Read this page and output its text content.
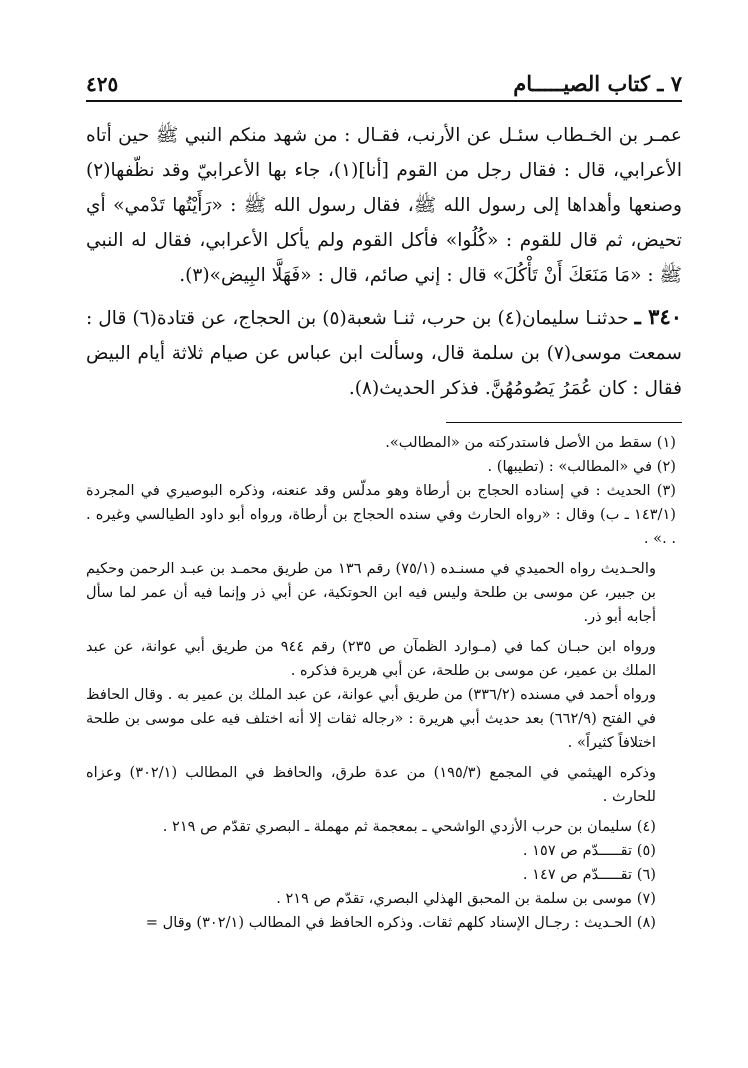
٧ ـ كتاب الصيـــــام
٤٢٥

عمـر بن الخـطاب سئـل عن الأرنب، فقـال : من شهد منكم النبي ﷺ حين أتاه الأعرابي، قال : فقال رجل من القوم [أنا](١)، جاء بها الأعرابيّ وقد نظّفها(٢) وصنعها وأهداها إلى رسول الله ﷺ، فقال رسول الله ﷺ : «رَأَيْتُها تَدْمي» أي تحيض، ثم قال للقوم : «كُلُوا» فأكل القوم ولم يأكل الأعرابي، فقال له النبي ﷺ : «مَا مَنَعَكَ أَنْ تَأْكُلَ» قال : إني صائم، قال : «فَهَلَّا البِيض»(٣).

٣٤٠ ـ حدثنـا سليمان(٤) بن حرب، ثنـا شعبة(٥) بن الحجاج، عن قتادة(٦) قال : سمعت موسى(٧) بن سلمة قال، وسألت ابن عباس عن صيام ثلاثة أيام البيض فقال : كان عُمَرُ يَصُومُهُنَّ. فذكر الحديث(٨).

(١) سقط من الأصل فاستدركته من «المطالب».

(٢) في «المطالب» : (تطيبها) .

(٣) الحديث : في إسناده الحجاج بن أرطاة وهو مدلّس وقد عنعنه، وذكره البوصيري في المجردة (١٤٣/١ ـ ب) وقال : «رواه الحارث وفي سنده الحجاج بن أرطاة، ورواه أبو داود الطيالسي وغيره . . .» .

والحـديث رواه الحميدي في مسنـده (٧٥/١) رقم ١٣٦ من طريق محمـد بن عبـد الرحمن وحكيم بن جبير، عن موسى بن طلحة وليس فيه ابن الحوتكية، عن أبي ذر وإنما فيه أن عمر لما سأل أجابه أبو ذر.

ورواه ابن حبـان كما في (مـوارد الظمآن ص ٢٣٥) رقم ٩٤٤ من طريق أبي عوانة، عن عبد الملك بن عمير، عن موسى بن طلحة، عن أبي هريرة فذكره .

ورواه أحمد في مسنده (٣٣٦/٢) من طريق أبي عوانة، عن عبد الملك بن عمير به . وقال الحافظ في الفتح (٦٦٢/٩) بعد حديث أبي هريرة : «رجاله ثقات إلا أنه اختلف فيه على موسى بن طلحة اختلافاً كثيراً» .

وذكره الهيثمي في المجمع (١٩٥/٣) من عدة طرق، والحافظ في المطالب (٣٠٢/١) وعزاه للحارث .

(٤) سليمان بن حرب الأزدي الواشحي ـ بمعجمة ثم مهملة ـ البصري تقدّم ص ٢١٩ .

(٥) تقـــــدّم ص ١٥٧ .

(٦) تقـــــدّم ص ١٤٧ .

(٧) موسى بن سلمة بن المحبق الهذلي البصري، تقدّم ص ٢١٩ .

(٨) الحـديث : رجـال الإسناد كلهم ثقات. وذكره الحافظ في المطالب (٣٠٢/١) وقال =
